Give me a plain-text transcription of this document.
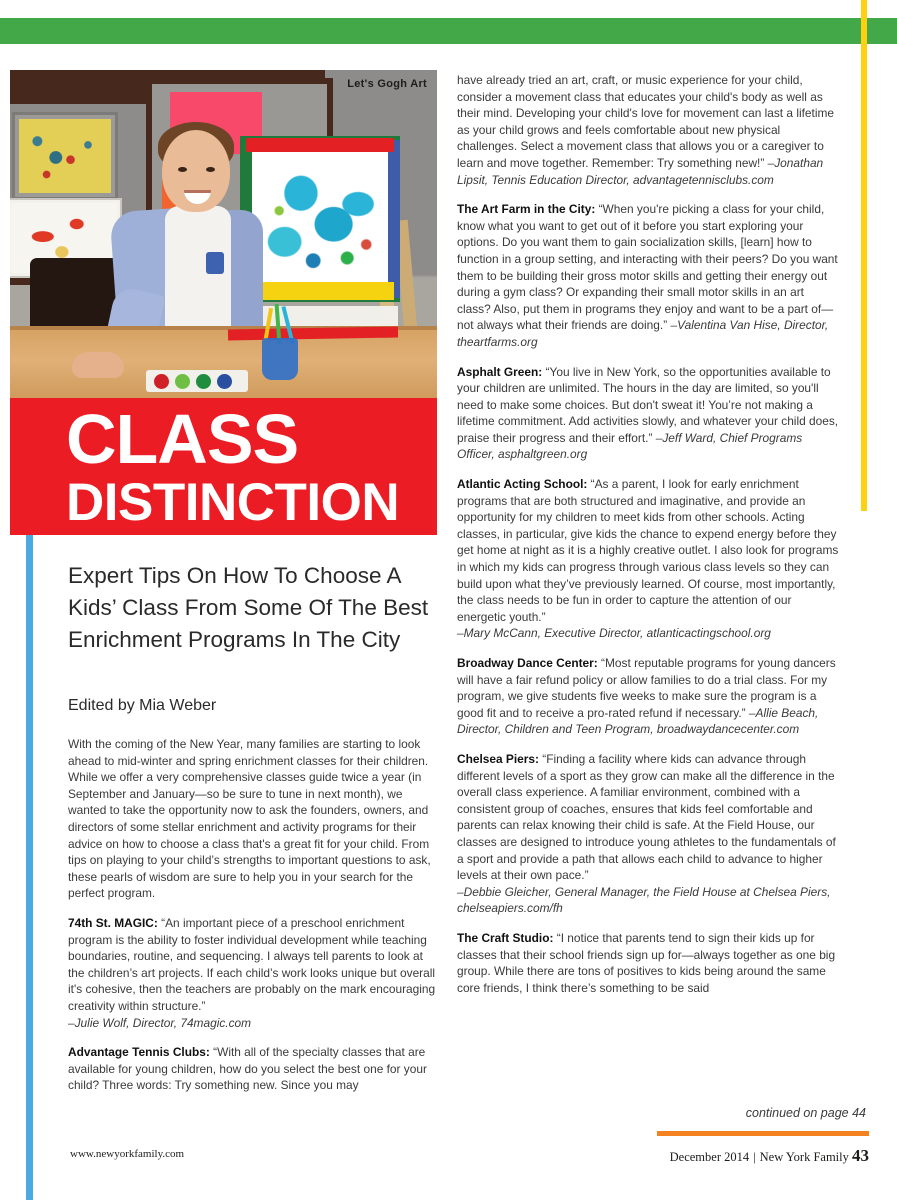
Let's Gogh Art
CLASS
DISTINCTION
Expert Tips On How To Choose A Kids’ Class From Some Of The Best Enrichment Programs In The City
Edited by Mia Weber

With the coming of the New Year, many families are starting to look ahead to mid-winter and spring enrichment classes for their children. While we offer a very comprehensive classes guide twice a year (in September and January—so be sure to tune in next month), we wanted to take the opportunity now to ask the founders, owners, and directors of some stellar enrichment and activity programs for their advice on how to choose a class that's a great fit for your child. From tips on playing to your child’s strengths to important questions to ask, these pearls of wisdom are sure to help you in your search for the perfect program.

74th St. MAGIC: “An important piece of a preschool enrichment program is the ability to foster individual development while teaching boundaries, routine, and sequencing. I always tell parents to look at the children’s art projects. If each child’s work looks unique but overall it's cohesive, then the teachers are probably on the mark encouraging creativity within structure.”
–Julie Wolf, Director, 74magic.com

Advantage Tennis Clubs: “With all of the specialty classes that are available for young children, how do you select the best one for your child? Three words: Try something new. Since you may

have already tried an art, craft, or music experience for your child, consider a movement class that educates your child's body as well as their mind. Developing your child's love for movement can last a lifetime as your child grows and feels comfortable about new physical challenges. Select a movement class that allows you or a caregiver to learn and move together. Remember: Try something new!” –Jonathan Lipsit, Tennis Education Director, advantagetennisclubs.com

The Art Farm in the City: “When you're picking a class for your child, know what you want to get out of it before you start exploring your options. Do you want them to gain socialization skills, [learn] how to function in a group setting, and interacting with their peers? Do you want them to be building their gross motor skills and getting their energy out during a gym class? Or expanding their small motor skills in an art class? Also, put them in programs they enjoy and want to be a part of—not always what their friends are doing.” –Valentina Van Hise, Director, theartfarms.org

Asphalt Green: “You live in New York, so the opportunities available to your children are unlimited. The hours in the day are limited, so you'll need to make some choices. But don't sweat it! You’re not making a lifetime commitment. Add activities slowly, and whatever your child does, praise their progress and their effort.” –Jeff Ward, Chief Programs Officer, asphaltgreen.org

Atlantic Acting School: “As a parent, I look for early enrichment programs that are both structured and imaginative, and provide an opportunity for my children to meet kids from other schools. Acting classes, in particular, give kids the chance to expend energy before they get home at night as it is a highly creative outlet. I also look for programs in which my kids can progress through various class levels so they can build upon what they’ve previously learned. Of course, most importantly, the class needs to be fun in order to capture the attention of our energetic youth.”
–Mary McCann, Executive Director, atlanticactingschool.org

Broadway Dance Center: “Most reputable programs for young dancers will have a fair refund policy or allow families to do a trial class. For my program, we give students five weeks to make sure the program is a good fit and to receive a pro-rated refund if necessary.” –Allie Beach, Director, Children and Teen Program, broadwaydancecenter.com

Chelsea Piers: “Finding a facility where kids can advance through different levels of a sport as they grow can make all the difference in the overall class experience. A familiar environment, combined with a consistent group of coaches, ensures that kids feel comfortable and parents can relax knowing their child is safe. At the Field House, our classes are designed to introduce young athletes to the fundamentals of a sport and provide a path that allows each child to advance to higher levels at their own pace.”
–Debbie Gleicher, General Manager, the Field House at Chelsea Piers, chelseapiers.com/fh

The Craft Studio: “I notice that parents tend to sign their kids up for classes that their school friends sign up for—always together as one big group. While there are tons of positives to kids being around the same core friends, I think there’s something to be said

continued on page 44
www.newyorkfamily.com	December 2014 | New York Family 43
